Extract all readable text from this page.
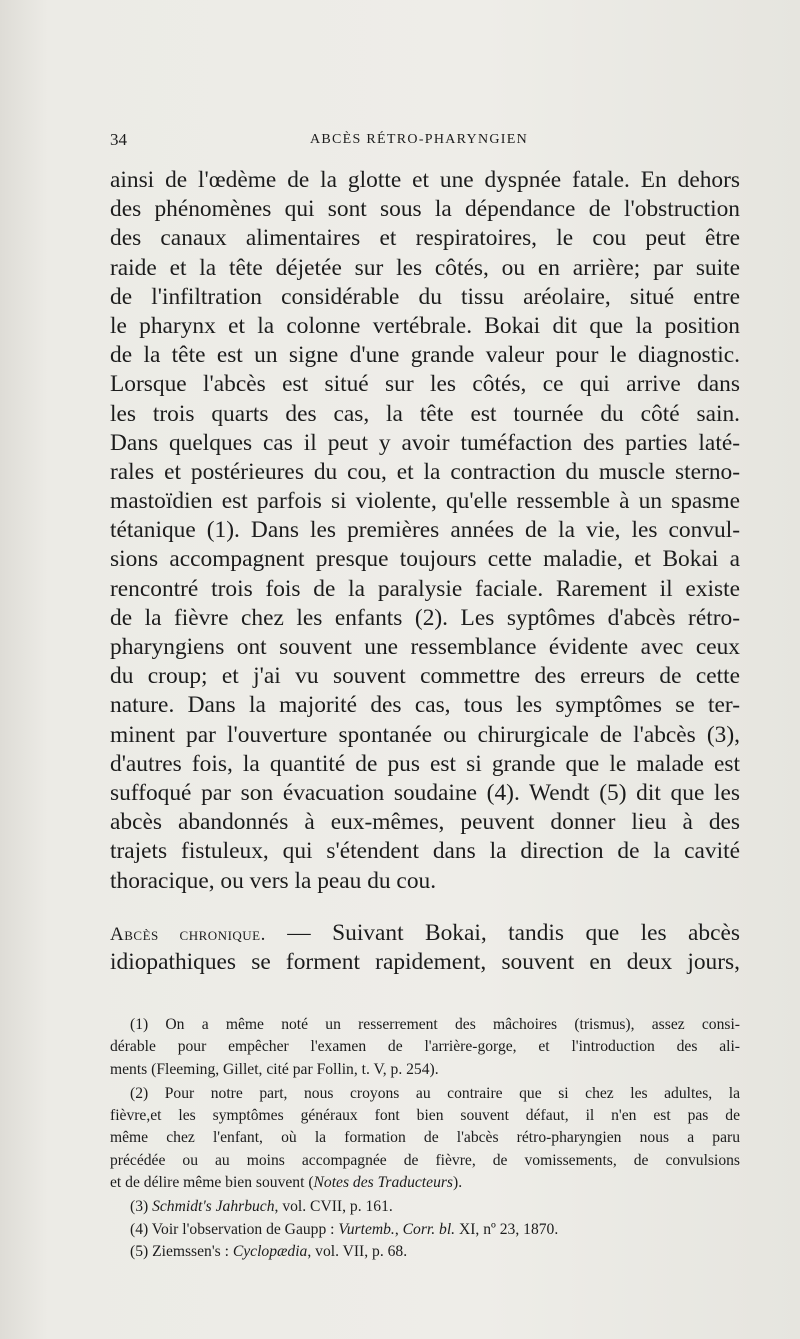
34	ABCÈS RÉTRO-PHARYNGIEN
ainsi de l'œdème de la glotte et une dyspnée fatale. En dehors
des phénomènes qui sont sous la dépendance de l'obstruction
des canaux alimentaires et respiratoires, le cou peut être
raide et la tête déjetée sur les côtés, ou en arrière; par suite
de l'infiltration considérable du tissu aréolaire, situé entre
le pharynx et la colonne vertébrale. Bokai dit que la position
de la tête est un signe d'une grande valeur pour le diagnostic.
Lorsque l'abcès est situé sur les côtés, ce qui arrive dans
les trois quarts des cas, la tête est tournée du côté sain.
Dans quelques cas il peut y avoir tuméfaction des parties laté-
rales et postérieures du cou, et la contraction du muscle sterno-
mastoïdien est parfois si violente, qu'elle ressemble à un spasme
tétanique (1). Dans les premières années de la vie, les convul-
sions accompagnent presque toujours cette maladie, et Bokai a
rencontré trois fois de la paralysie faciale. Rarement il existe
de la fièvre chez les enfants (2). Les syptômes d'abcès rétro-
pharyngiens ont souvent une ressemblance évidente avec ceux
du croup; et j'ai vu souvent commettre des erreurs de cette
nature. Dans la majorité des cas, tous les symptômes se ter-
minent par l'ouverture spontanée ou chirurgicale de l'abcès (3),
d'autres fois, la quantité de pus est si grande que le malade est
suffoqué par son évacuation soudaine (4). Wendt (5) dit que les
abcès abandonnés à eux-mêmes, peuvent donner lieu à des
trajets fistuleux, qui s'étendent dans la direction de la cavité
thoracique, ou vers la peau du cou.
Abcès chronique. — Suivant Bokai, tandis que les abcès
idiopathiques se forment rapidement, souvent en deux jours,
(1) On a même noté un resserrement des mâchoires (trismus), assez consi-
dérable pour empêcher l'examen de l'arrière-gorge, et l'introduction des ali-
ments (Fleeming, Gillet, cité par Follin, t. V, p. 254).
(2) Pour notre part, nous croyons au contraire que si chez les adultes, la
fièvre,et les symptômes généraux font bien souvent défaut, il n'en est pas de
même chez l'enfant, où la formation de l'abcès rétro-pharyngien nous a paru
précédée ou au moins accompagnée de fièvre, de vomissements, de convulsions
et de délire même bien souvent (Notes des Traducteurs).
(3) Schmidt's Jahrbuch, vol. CVII, p. 161.
(4) Voir l'observation de Gaupp : Vurtemb., Corr. bl. XI, nº 23, 1870.
(5) Ziemssen's : Cyclopædia, vol. VII, p. 68.
